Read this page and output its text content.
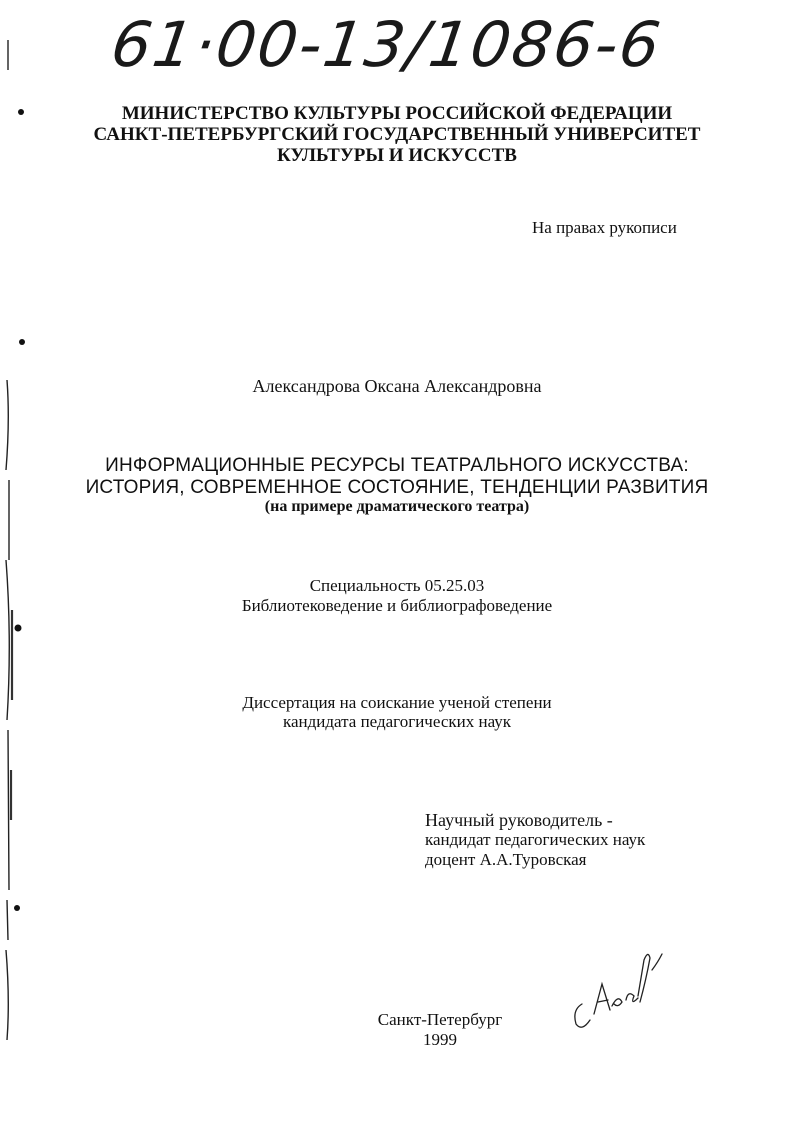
61·00-13/1086-6
МИНИСТЕРСТВО КУЛЬТУРЫ РОССИЙСКОЙ ФЕДЕРАЦИИ
САНКТ-ПЕТЕРБУРГСКИЙ ГОСУДАРСТВЕННЫЙ УНИВЕРСИТЕТ
КУЛЬТУРЫ И ИСКУССТВ
На правах рукописи
Александрова Оксана Александровна
ИНФОРМАЦИОННЫЕ РЕСУРСЫ ТЕАТРАЛЬНОГО ИСКУССТВА:
ИСТОРИЯ, СОВРЕМЕННОЕ СОСТОЯНИЕ, ТЕНДЕНЦИИ РАЗВИТИЯ
(на примере драматического театра)
Специальность 05.25.03
Библиотековедение и библиографоведение
Диссертация на соискание ученой степени
кандидата педагогических наук
Научный руководитель -
кандидат педагогических наук
доцент А.А.Туровская
Санкт-Петербург
1999
